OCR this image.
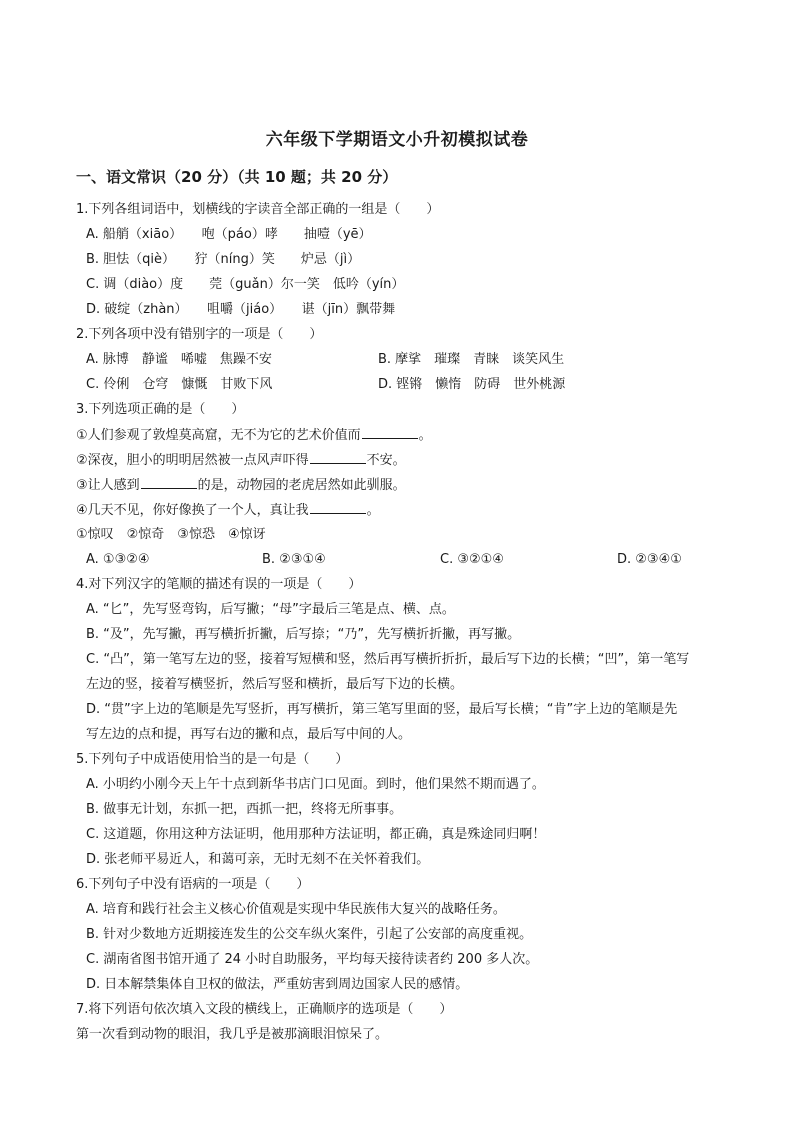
六年级下学期语文小升初模拟试卷
一、语文常识（20 分）（共 10 题；共 20 分）
1.下列各组词语中，划横线的字读音全部正确的一组是（　　）
A. 船艄（xiāo）　　咆（páo）哮　　抽噎（yē）
B. 胆怯（qiè）　　狞（níng）笑　　炉忌（jì）
C. 调（diào）度　　莞（guǎn）尔一笑　低吟（yín）
D. 破绽（zhàn）　　咀嚼（jiáo）　　谌（jīn）飘带舞
2.下列各项中没有错别字的一项是（　　）
A. 脉博　静谧　唏嘘　焦躁不安	B. 摩挲　璀璨　青睐　谈笑风生
C. 伶俐　仓穹　慷慨　甘败下风	D. 铿锵　懒惰　防碍　世外桃源
3.下列选项正确的是（　　）
①人们参观了敦煌莫高窟，无不为它的艺术价值而	。
②深夜，胆小的明明居然被一点风声吓得	不安。
③让人感到	的是，动物园的老虎居然如此驯服。
④几天不见，你好像换了一个人，真让我	。
①惊叹　②惊奇　③惊恐　④惊讶
A. ①③②④	B. ②③①④	C. ③②①④	D. ②③④①
4.对下列汉字的笔顺的描述有误的一项是（　　）
A. “匕”，先写竖弯钩，后写撇；“母”字最后三笔是点、横、点。
B. “及”，先写撇，再写横折折撇，后写捺；“乃”，先写横折折撇，再写撇。
C. “凸”，第一笔写左边的竖，接着写短横和竖，然后再写横折折折，最后写下边的长横；“凹”，第一笔写
左边的竖，接着写横竖折，然后写竖和横折，最后写下边的长横。
D. “贯”字上边的笔顺是先写竖折，再写横折，第三笔写里面的竖，最后写长横；“肯”字上边的笔顺是先
写左边的点和提，再写右边的撇和点，最后写中间的人。
5.下列句子中成语使用恰当的是一句是（　　）
A. 小明约小刚今天上午十点到新华书店门口见面。到时，他们果然不期而遇了。
B. 做事无计划，东抓一把，西抓一把，终将无所事事。
C. 这道题，你用这种方法证明，他用那种方法证明，都正确，真是殊途同归啊！
D. 张老师平易近人，和蔼可亲，无时无刻不在关怀着我们。
6.下列句子中没有语病的一项是（　　）
A. 培育和践行社会主义核心价值观是实现中华民族伟大复兴的战略任务。
B. 针对少数地方近期接连发生的公交车纵火案件，引起了公安部的高度重视。
C. 湖南省图书馆开通了 24 小时自助服务，平均每天接待读者约 200 多人次。
D. 日本解禁集体自卫权的做法，严重妨害到周边国家人民的感情。
7.将下列语句依次填入文段的横线上，正确顺序的选项是（　　）
第一次看到动物的眼泪，我几乎是被那滴眼泪惊呆了。
